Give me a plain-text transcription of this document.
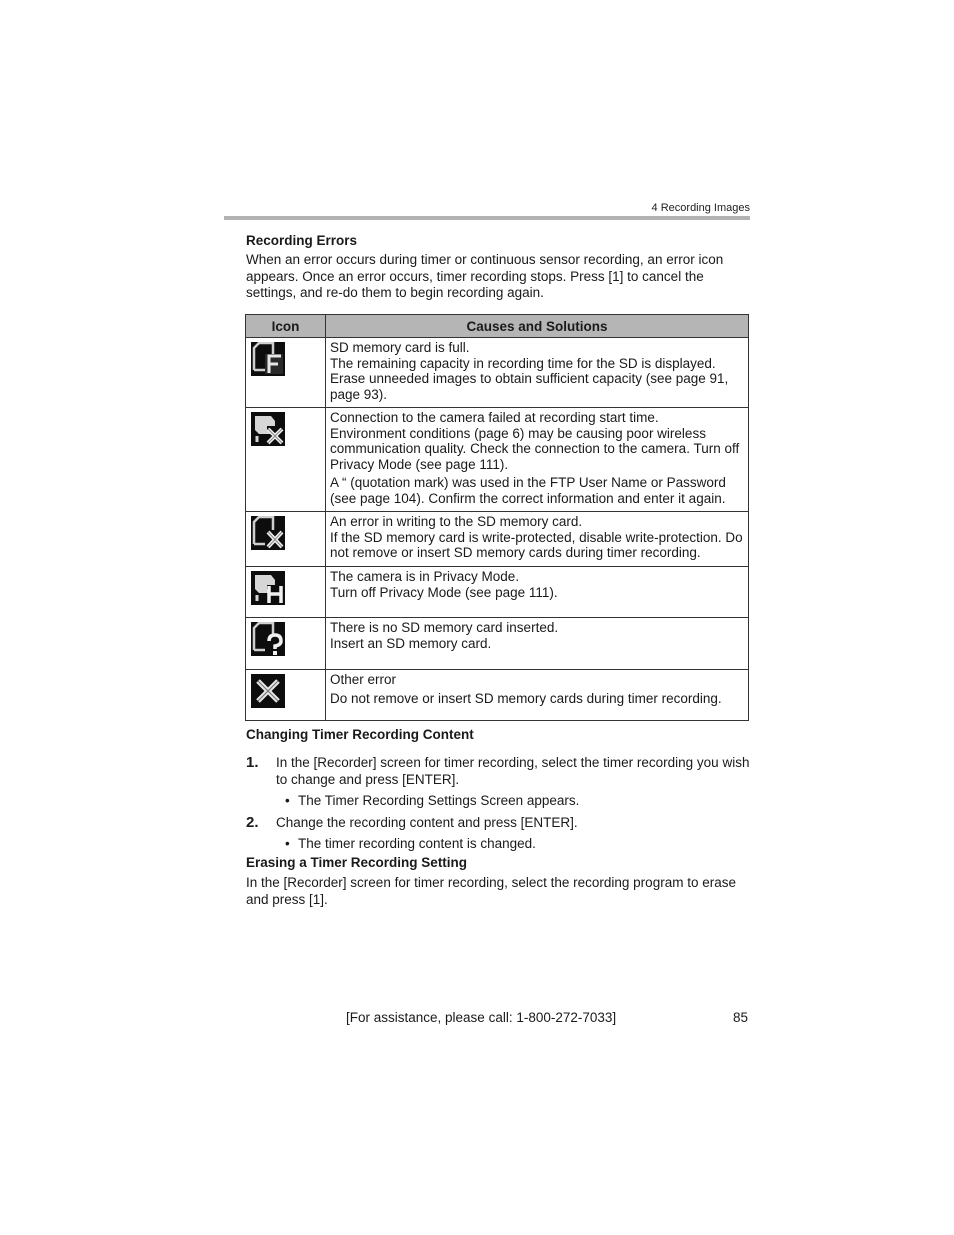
4 Recording Images
Recording Errors
When an error occurs during timer or continuous sensor recording, an error icon appears. Once an error occurs, timer recording stops. Press [1] to cancel the settings, and re-do them to begin recording again.
Icon	Causes and Solutions

SD memory card is full.
The remaining capacity in recording time for the SD is displayed. Erase unneeded images to obtain sufficient capacity (see page 91, page 93).

Connection to the camera failed at recording start time.
Environment conditions (page 6) may be causing poor wireless communication quality. Check the connection to the camera. Turn off Privacy Mode (see page 111).
A “ (quotation mark) was used in the FTP User Name or Password (see page 104). Confirm the correct information and enter it again.

An error in writing to the SD memory card.
If the SD memory card is write-protected, disable write-protection. Do not remove or insert SD memory cards during timer recording.

The camera is in Privacy Mode.
Turn off Privacy Mode (see page 111).

There is no SD memory card inserted.
Insert an SD memory card.

Other error
Do not remove or insert SD memory cards during timer recording.
Changing Timer Recording Content
1. In the [Recorder] screen for timer recording, select the timer recording you wish to change and press [ENTER].
• The Timer Recording Settings Screen appears.
2. Change the recording content and press [ENTER].
• The timer recording content is changed.
Erasing a Timer Recording Setting
In the [Recorder] screen for timer recording, select the recording program to erase and press [1].
[For assistance, please call: 1-800-272-7033]	85
